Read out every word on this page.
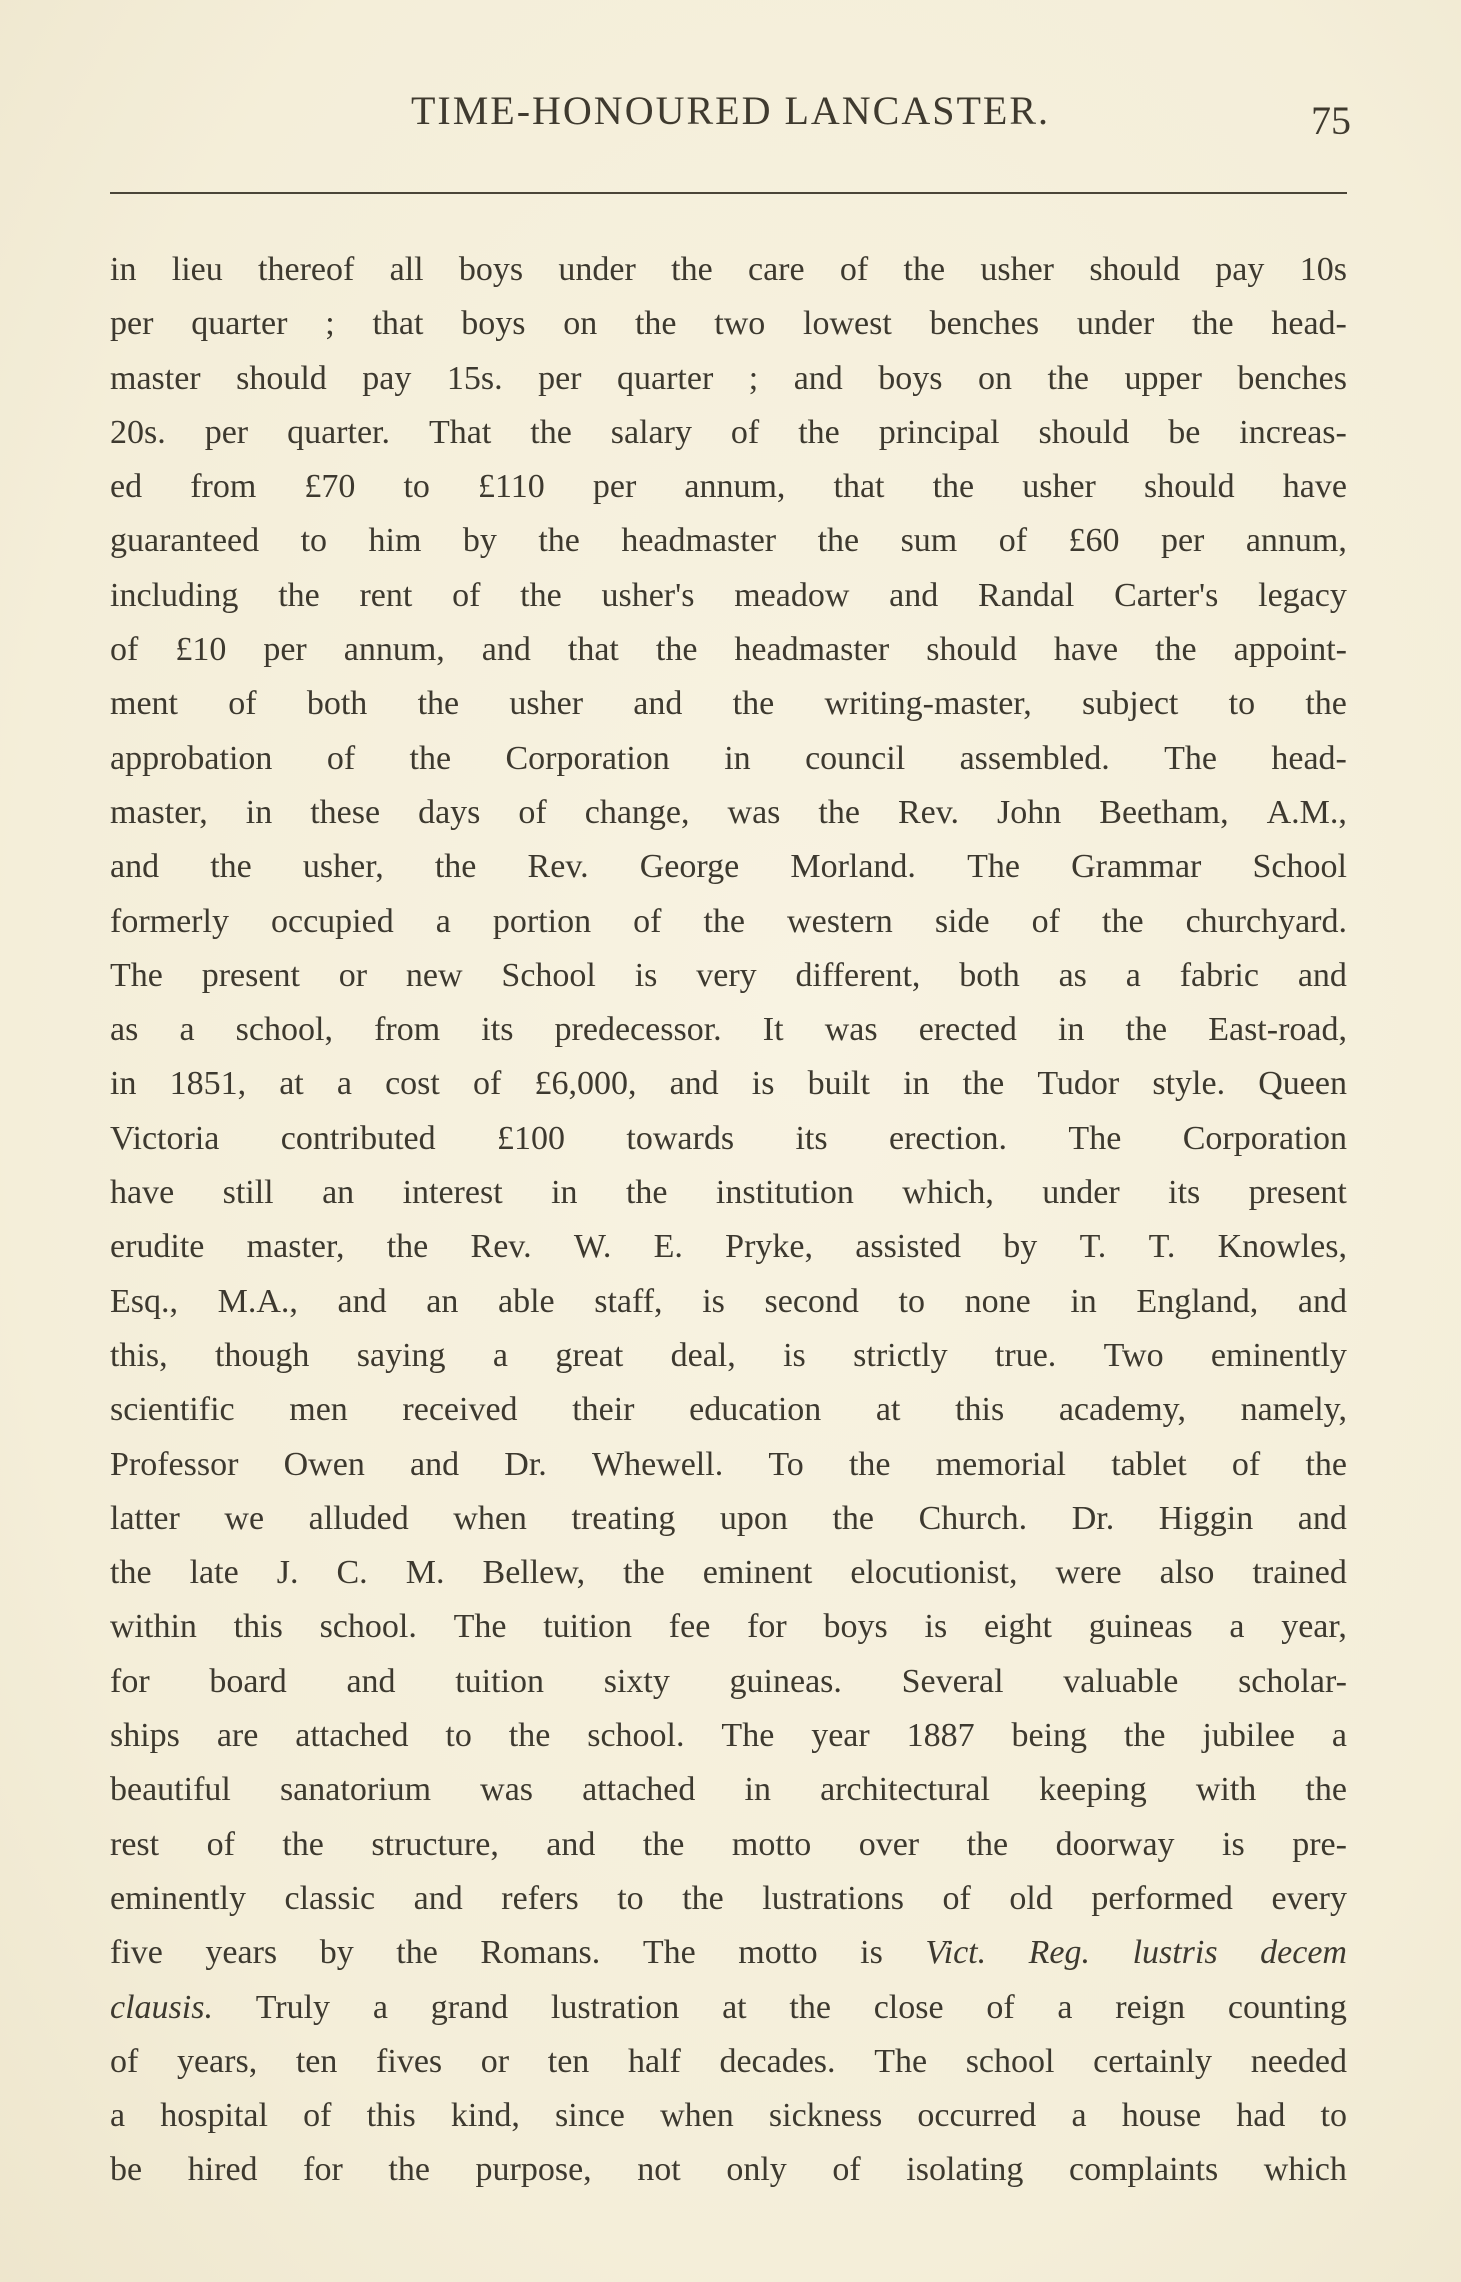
TIME-HONOURED LANCASTER.	75
in lieu thereof all boys under the care of the usher should pay 10s
per quarter ; that boys on the two lowest benches under the head-
master should pay 15s. per quarter ; and boys on the upper benches
20s. per quarter. That the salary of the principal should be increas-
ed from £70 to £110 per annum, that the usher should have
guaranteed to him by the headmaster the sum of £60 per annum,
including the rent of the usher's meadow and Randal Carter's legacy
of £10 per annum, and that the headmaster should have the appoint-
ment of both the usher and the writing-master, subject to the
approbation of the Corporation in council assembled. The head-
master, in these days of change, was the Rev. John Beetham, A.M.,
and the usher, the Rev. George Morland. The Grammar School
formerly occupied a portion of the western side of the churchyard.
The present or new School is very different, both as a fabric and
as a school, from its predecessor. It was erected in the East-road,
in 1851, at a cost of £6,000, and is built in the Tudor style. Queen
Victoria contributed £100 towards its erection. The Corporation
have still an interest in the institution which, under its present
erudite master, the Rev. W. E. Pryke, assisted by T. T. Knowles,
Esq., M.A., and an able staff, is second to none in England, and
this, though saying a great deal, is strictly true. Two eminently
scientific men received their education at this academy, namely,
Professor Owen and Dr. Whewell. To the memorial tablet of the
latter we alluded when treating upon the Church. Dr. Higgin and
the late J. C. M. Bellew, the eminent elocutionist, were also trained
within this school. The tuition fee for boys is eight guineas a year,
for board and tuition sixty guineas. Several valuable scholar-
ships are attached to the school. The year 1887 being the jubilee a
beautiful sanatorium was attached in architectural keeping with the
rest of the structure, and the motto over the doorway is pre-
eminently classic and refers to the lustrations of old performed every
five years by the Romans. The motto is Vict. Reg. lustris decem
clausis. Truly a grand lustration at the close of a reign counting
of years, ten fives or ten half decades. The school certainly needed
a hospital of this kind, since when sickness occurred a house had to
be hired for the purpose, not only of isolating complaints which
